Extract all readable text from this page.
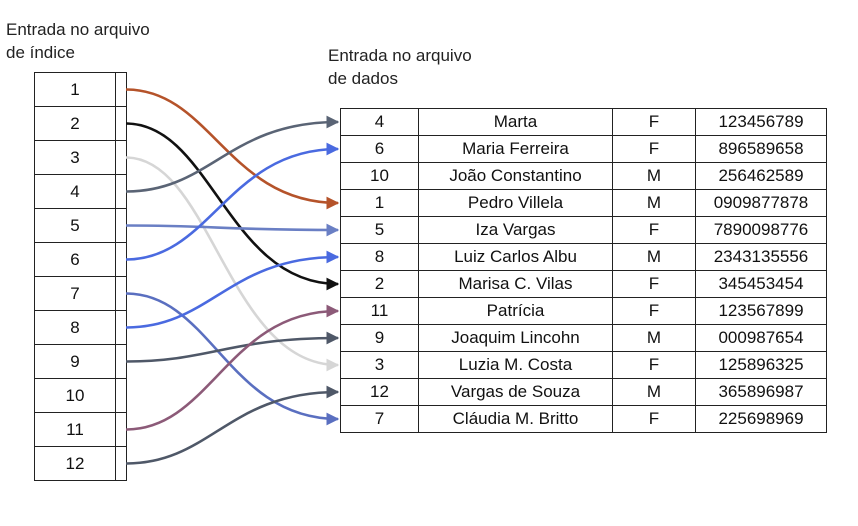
Entrada no arquivo
de índice	Entrada no arquivo
de dados
1	
2	
3	
4	
5	
6	
7	
8	
9	
10	
11	
12	
4	Marta	F	123456789
6	Maria Ferreira	F	896589658
10	João Constantino	M	256462589
1	Pedro Villela	M	0909877878
5	Iza Vargas	F	7890098776
8	Luiz Carlos Albu	M	2343135556
2	Marisa C. Vilas	F	345453454
11	Patrícia	F	123567899
9	Joaquim Lincohn	M	000987654
3	Luzia M. Costa	F	125896325
12	Vargas de Souza	M	365896987
7	Cláudia M. Britto	F	225698969
